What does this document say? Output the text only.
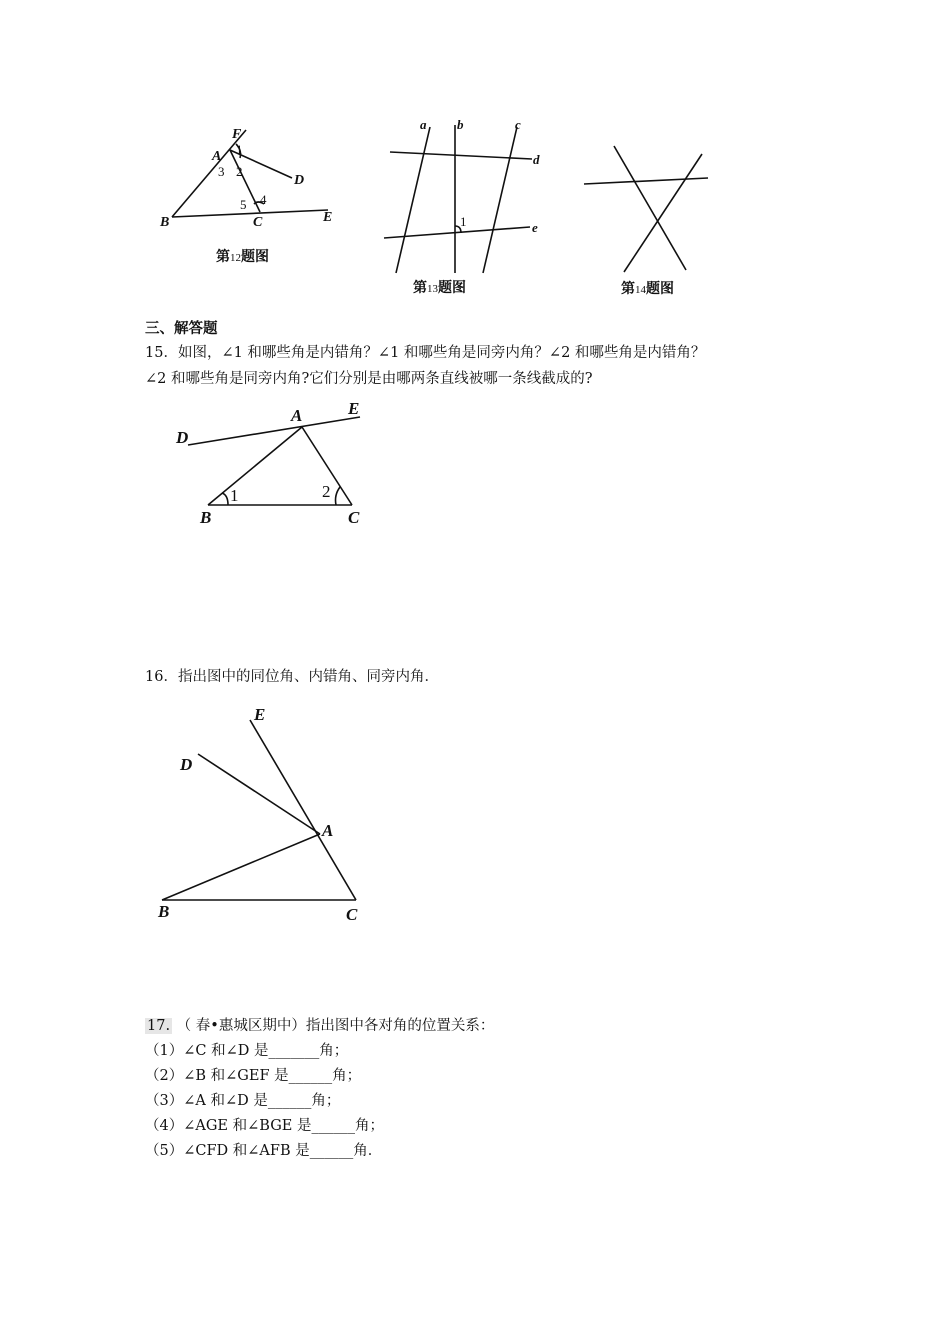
F
A
B	C
D
E
1
2
3
4
5
第12题图
a b	c
d
e
1
第13题图	第14题图
三、解答题
15．如图，∠1 和哪些角是内错角？∠1 和哪些角是同旁内角？∠2 和哪些角是内错角？
∠2 和哪些角是同旁内角?它们分别是由哪两条直线被哪一条线截成的?
D
A	E
B	C
1	2
16．指出图中的同位角、内错角、同旁内角．
E
D
A
B	C
17. （ 春•惠城区期中）指出图中各对角的位置关系：
（1）∠C 和∠D 是_______角；
（2）∠B 和∠GEF 是______角；
（3）∠A 和∠D 是______角；
（4）∠AGE 和∠BGE 是______角；
（5）∠CFD 和∠AFB 是______角．
